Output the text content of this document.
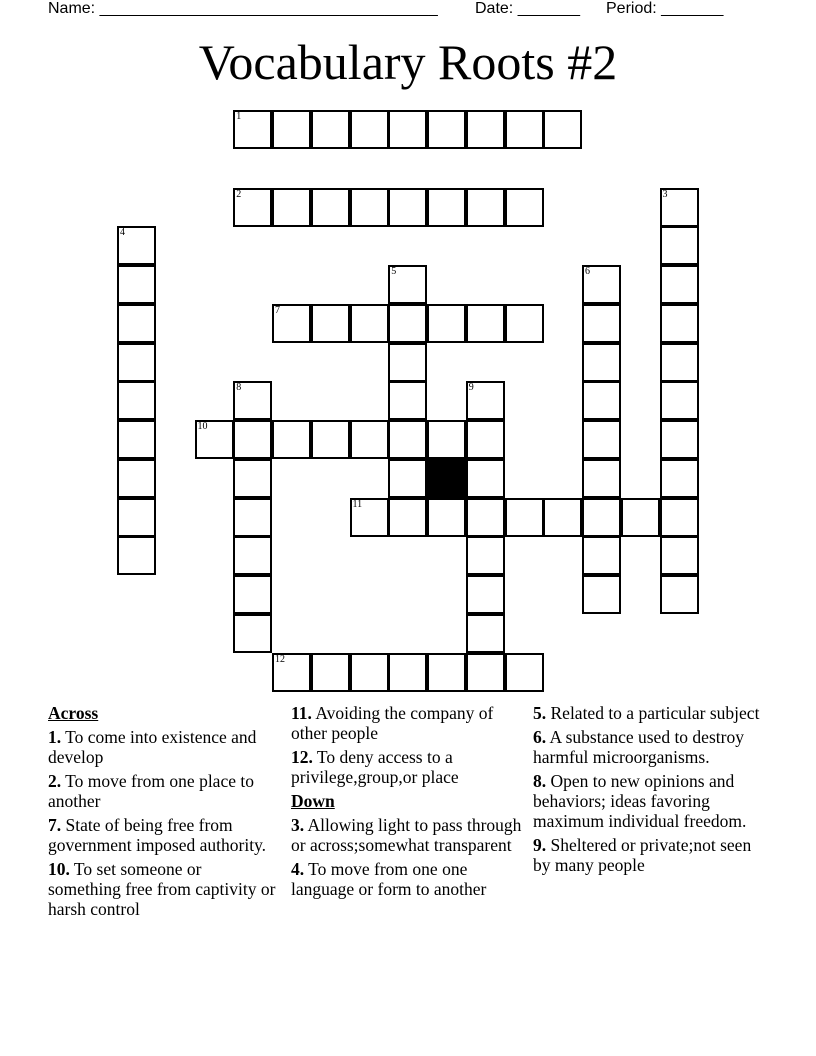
Name: ______________________________________ Date: _______ Period: _______
Vocabulary Roots #2
1
2	3
4
5	6
7
8	9
10
11
12
Across
1. To come into existence and develop
2. To move from one place to another
7. State of being free from government imposed authority.
10. To set someone or something free from captivity or harsh control
11. Avoiding the company of other people
12. To deny access to a privilege,group,or place
Down
3. Allowing light to pass through or across;somewhat transparent
4. To move from one one language or form to another
5. Related to a particular subject
6. A substance used to destroy harmful microorganisms.
8. Open to new opinions and behaviors; ideas favoring maximum individual freedom.
9. Sheltered or private;not seen by many people
